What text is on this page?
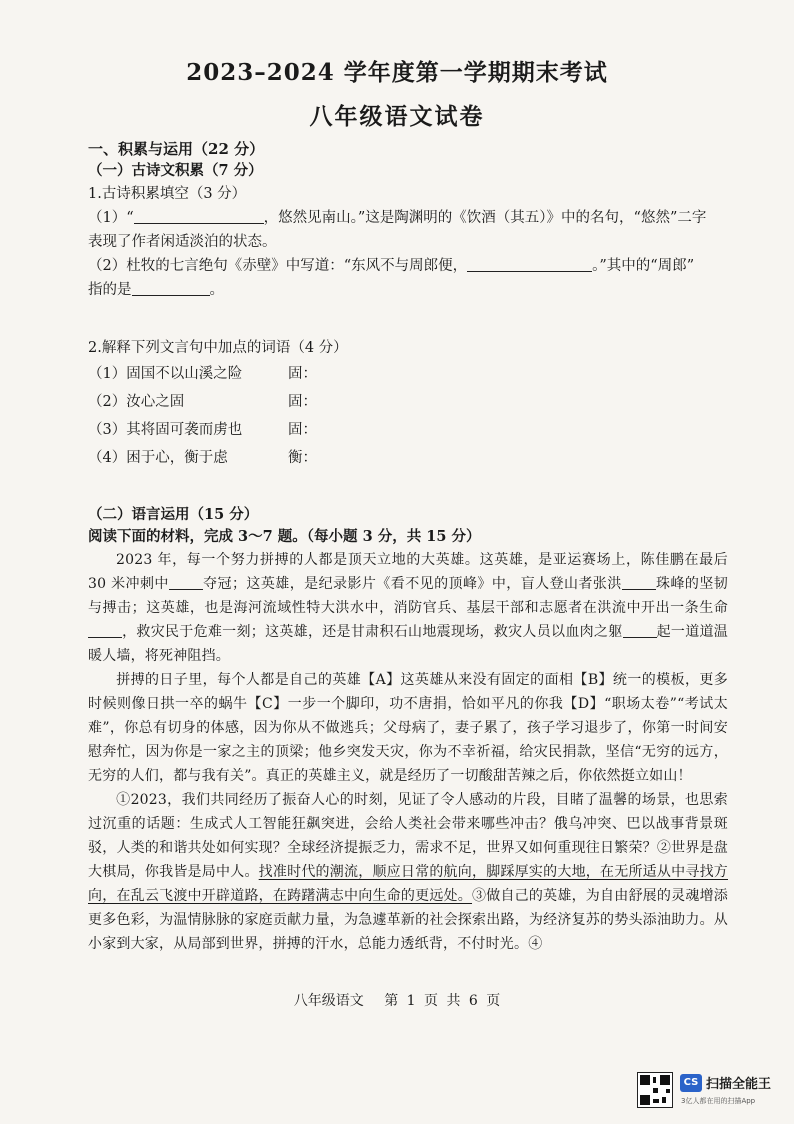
2023–2024 学年度第一学期期末考试
八年级语文试卷
一、积累与运用（22 分）
（一）古诗文积累（7 分）
1.古诗积累填空（3 分）
（1）“	，悠然见南山。”这是陶渊明的《饮酒（其五）》中的名句，“悠然”二字
表现了作者闲适淡泊的状态。
（2）杜牧的七言绝句《赤壁》中写道：“东风不与周郎便，	。”其中的“周郎”
指的是	。
2.解释下列文言句中加点的词语（4 分）
（1）固国不以山溪之险	固：
（2）汝心之固	固：
（3）其将固可袭而虏也	固：
（4）困于心，衡于虑	衡：
（二）语言运用（15 分）
阅读下面的材料，完成 3～7 题。（每小题 3 分，共 15 分）
2023 年，每一个努力拼搏的人都是顶天立地的大英雄。这英雄，是亚运赛场上，陈佳鹏在最后 30 米冲刺中 夺冠；这英雄，是纪录影片《看不见的顶峰》中，盲人登山者张洪 珠峰的坚韧与搏击；这英雄，也是海河流域性特大洪水中，消防官兵、基层干部和志愿者在洪流中开出一条生命，救灾民于危难一刻；这英雄，还是甘肃积石山地震现场，救灾人员以血肉之躯 起一道道温暖人墙，将死神阻挡。
拼搏的日子里，每个人都是自己的英雄【A】这英雄从来没有固定的面相【B】统一的模板，更多时候则像日拱一卒的蜗牛【C】一步一个脚印，功不唐捐，恰如平凡的你我【D】“职场太卷”“考试太难”，你总有切身的体感，因为你从不做逃兵；父母病了，妻子累了，孩子学习退步了，你第一时间安慰奔忙，因为你是一家之主的顶梁；他乡突发天灾，你为不幸祈福，给灾民捐款，坚信“无穷的远方，无穷的人们，都与我有关”。真正的英雄主义，就是经历了一切酸甜苦辣之后，你依然挺立如山！
①2023，我们共同经历了振奋人心的时刻，见证了令人感动的片段，目睹了温馨的场景，也思索过沉重的话题：生成式人工智能狂飙突进，会给人类社会带来哪些冲击？俄乌冲突、巴以战事背景斑驳，人类的和谐共处如何实现？全球经济提振乏力，需求不足，世界又如何重现往日繁荣？②世界是盘大棋局，你我皆是局中人。找准时代的潮流，顺应日常的航向，脚踩厚实的大地，在无所适从中寻找方向，在乱云飞渡中开辟道路，在踌躇满志中向生命的更远处。③做自己的英雄，为自由舒展的灵魂增添更多色彩，为温情脉脉的家庭贡献力量，为急遽革新的社会探索出路，为经济复苏的势头添油助力。从小家到大家，从局部到世界，拼搏的汗水，总能力透纸背，不付时光。④
八年级语文 第 1 页 共 6 页
CS 扫描全能王
3亿人都在用的扫描App
